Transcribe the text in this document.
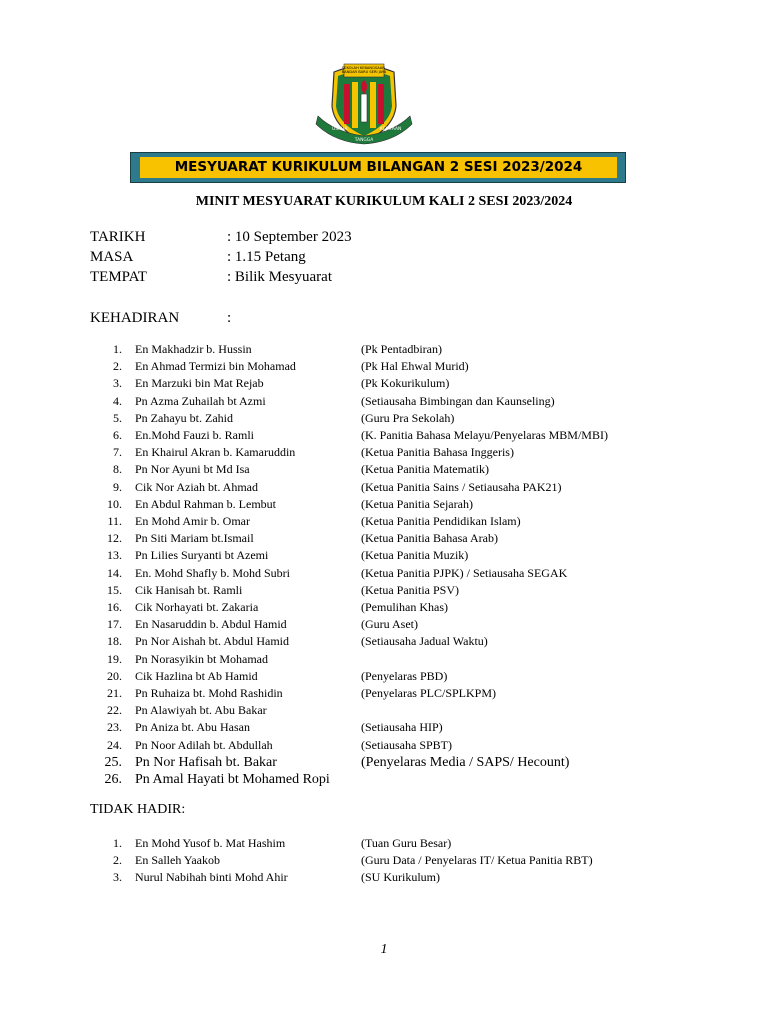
SEKOLAH KEBANGSAAN BANDAR BARU SERI JAYA
USAHA
TANGGA
KEJAYAAN
MESYUARAT KURIKULUM BILANGAN 2 SESI 2023/2024
MINIT MESYUARAT KURIKULUM KALI 2 SESI 2023/2024
TARIKH	: 10 September 2023
MASA	: 1.15 Petang
TEMPAT	: Bilik Mesyuarat
KEHADIRAN	:
1. En Makhadzir b. Hussin	(Pk Pentadbiran)
2. En Ahmad Termizi bin Mohamad	(Pk Hal Ehwal Murid)
3. En Marzuki bin Mat Rejab	(Pk Kokurikulum)
4. Pn Azma Zuhailah bt Azmi	(Setiausaha Bimbingan dan Kaunseling)
5. Pn Zahayu bt. Zahid	(Guru Pra Sekolah)
6. En.Mohd Fauzi b. Ramli	(K. Panitia Bahasa Melayu/Penyelaras MBM/MBI)
7. En Khairul Akran b. Kamaruddin	(Ketua Panitia Bahasa Inggeris)
8. Pn Nor Ayuni bt Md Isa	(Ketua Panitia Matematik)
9. Cik Nor Aziah bt. Ahmad	(Ketua Panitia Sains / Setiausaha PAK21)
10. En Abdul Rahman b. Lembut	(Ketua Panitia Sejarah)
11. En Mohd Amir b. Omar	(Ketua Panitia Pendidikan Islam)
12. Pn Siti Mariam bt.Ismail	(Ketua Panitia Bahasa Arab)
13. Pn Lilies Suryanti bt Azemi	(Ketua Panitia Muzik)
14. En. Mohd Shafly b. Mohd Subri	(Ketua Panitia PJPK) / Setiausaha SEGAK
15. Cik Hanisah bt. Ramli	(Ketua Panitia PSV)
16. Cik Norhayati bt. Zakaria	(Pemulihan Khas)
17. En Nasaruddin b. Abdul Hamid	(Guru Aset)
18. Pn Nor Aishah bt. Abdul Hamid	(Setiausaha Jadual Waktu)
19. Pn Norasyikin bt Mohamad
20. Cik Hazlina bt Ab Hamid	(Penyelaras PBD)
21. Pn Ruhaiza bt. Mohd Rashidin	(Penyelaras PLC/SPLKPM)
22. Pn Alawiyah bt. Abu Bakar
23. Pn Aniza bt. Abu Hasan	(Setiausaha HIP)
24. Pn Noor Adilah bt. Abdullah	(Setiausaha SPBT)
25. Pn Nor Hafisah bt. Bakar	(Penyelaras Media / SAPS/ Hecount)
26. Pn Amal Hayati bt Mohamed Ropi
TIDAK HADIR:
1. En Mohd Yusof b. Mat Hashim	(Tuan Guru Besar)
2. En Salleh Yaakob	(Guru Data / Penyelaras IT/ Ketua Panitia RBT)
3. Nurul Nabihah binti Mohd Ahir	(SU Kurikulum)
1
